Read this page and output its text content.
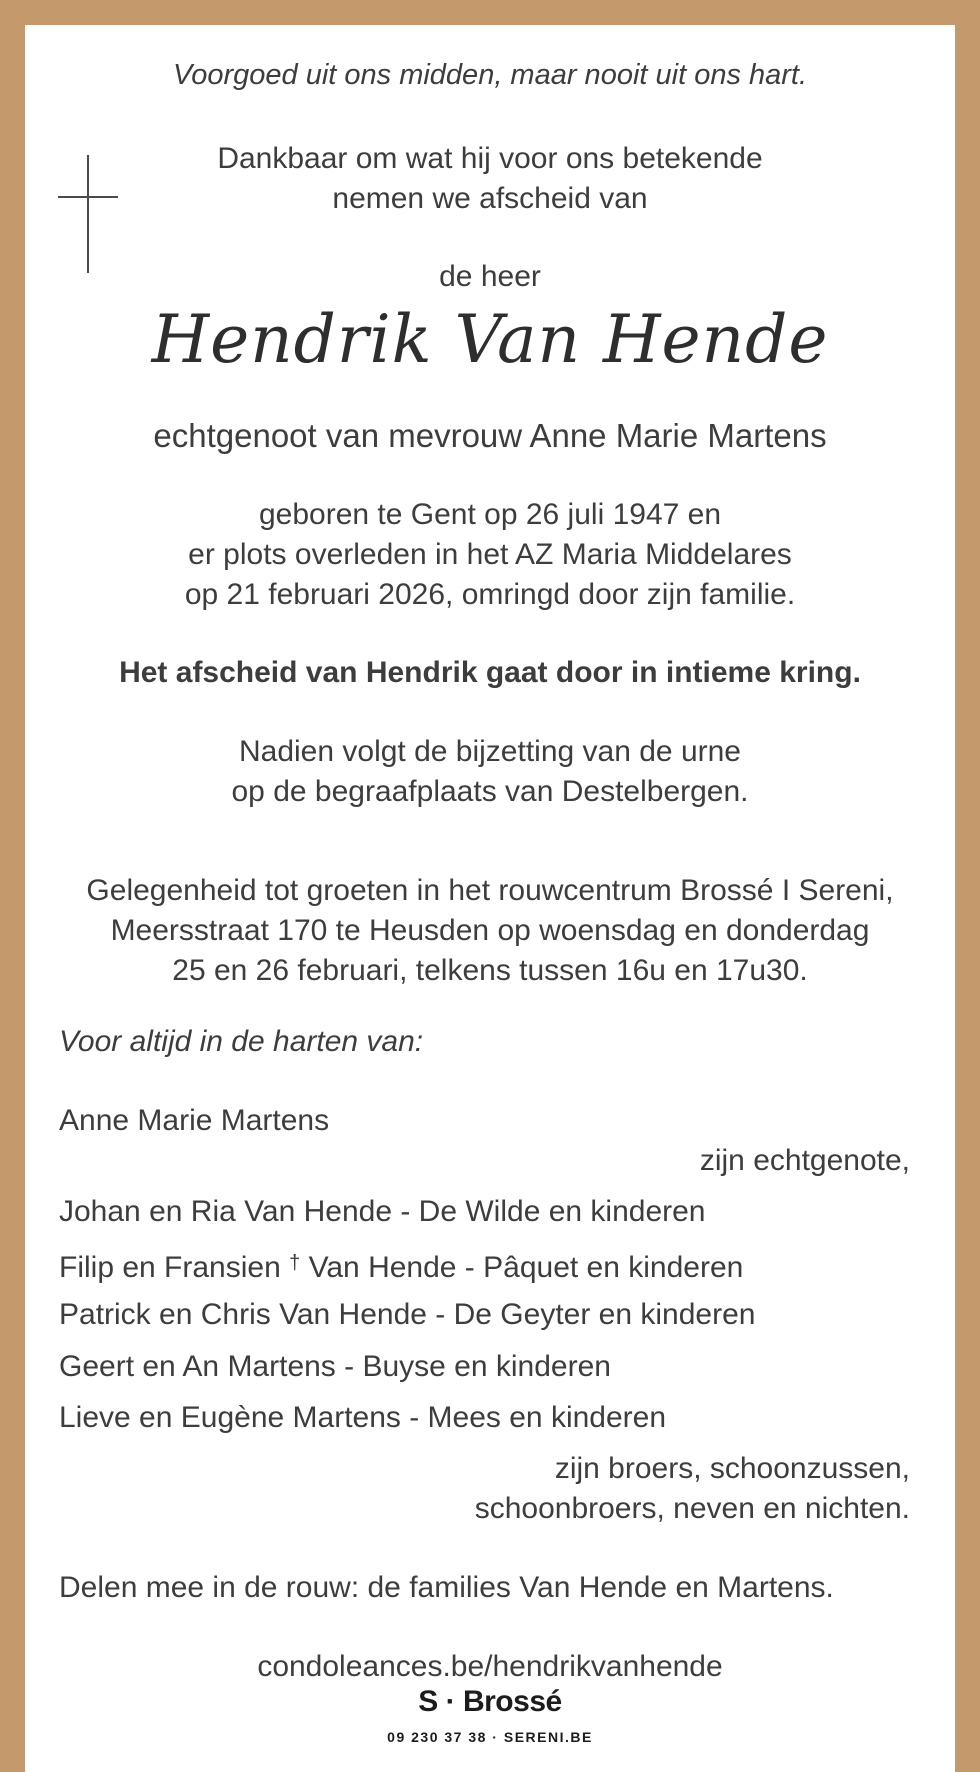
Voorgoed uit ons midden, maar nooit uit ons hart.
Dankbaar om wat hij voor ons betekende
nemen we afscheid van
de heer
Hendrik Van Hende
echtgenoot van mevrouw Anne Marie Martens
geboren te Gent op 26 juli 1947 en
er plots overleden in het AZ Maria Middelares
op 21 februari 2026, omringd door zijn familie.
Het afscheid van Hendrik gaat door in intieme kring.
Nadien volgt de bijzetting van de urne
op de begraafplaats van Destelbergen.
Gelegenheid tot groeten in het rouwcentrum Brossé I Sereni,
Meersstraat 170 te Heusden op woensdag en donderdag
25 en 26 februari, telkens tussen 16u en 17u30.
Voor altijd in de harten van:
Anne Marie Martens
zijn echtgenote,
Johan en Ria Van Hende - De Wilde en kinderen
Filip en Fransien † Van Hende - Pâquet en kinderen
Patrick en Chris Van Hende - De Geyter en kinderen
Geert en An Martens - Buyse en kinderen
Lieve en Eugène Martens - Mees en kinderen
zijn broers, schoonzussen,
schoonbroers, neven en nichten.
Delen mee in de rouw: de families Van Hende en Martens.
condoleances.be/hendrikvanhende
S · Brossé
09 230 37 38 · SERENI.BE
